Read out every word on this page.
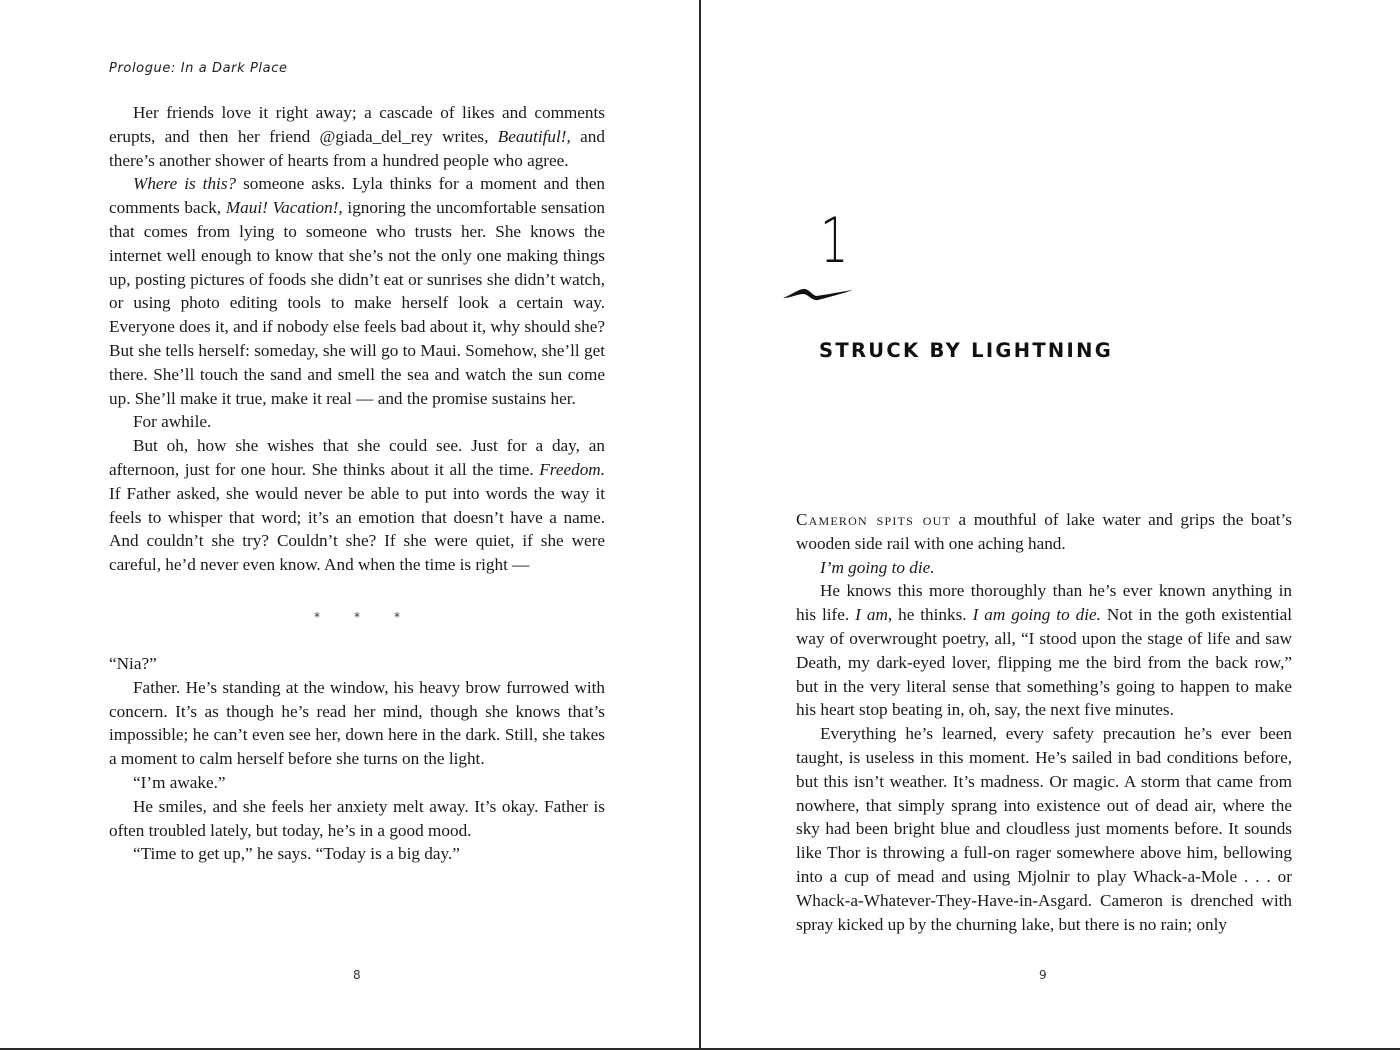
Prologue: In a Dark Place

Her friends love it right away; a cascade of likes and comments erupts, and then her friend @giada_del_rey writes, Beautiful!, and there’s another shower of hearts from a hundred people who agree.

Where is this? someone asks. Lyla thinks for a moment and then comments back, Maui! Vacation!, ignoring the uncomfortable sensation that comes from lying to someone who trusts her. She knows the internet well enough to know that she’s not the only one making things up, posting pictures of foods she didn’t eat or sunrises she didn’t watch, or using photo editing tools to make herself look a certain way. Everyone does it, and if nobody else feels bad about it, why should she? But she tells herself: someday, she will go to Maui. Somehow, she’ll get there. She’ll touch the sand and smell the sea and watch the sun come up. She’ll make it true, make it real — and the promise sustains her.

For awhile.

But oh, how she wishes that she could see. Just for a day, an afternoon, just for one hour. She thinks about it all the time. Freedom. If Father asked, she would never be able to put into words the way it feels to whisper that word; it’s an emotion that doesn’t have a name. And couldn’t she try? Couldn’t she? If she were quiet, if she were careful, he’d never even know. And when the time is right —

*	*	*

“Nia?”

Father. He’s standing at the window, his heavy brow furrowed with concern. It’s as though he’s read her mind, though she knows that’s impossible; he can’t even see her, down here in the dark. Still, she takes a moment to calm herself before she turns on the light.

“I’m awake.”

He smiles, and she feels her anxiety melt away. It’s okay. Father is often troubled lately, but today, he’s in a good mood.

“Time to get up,” he says. “Today is a big day.”

8
1
STRUCK BY LIGHTNING

Cameron spits out a mouthful of lake water and grips the boat’s wooden side rail with one aching hand.

I’m going to die.

He knows this more thoroughly than he’s ever known anything in his life. I am, he thinks. I am going to die. Not in the goth existential way of overwrought poetry, all, “I stood upon the stage of life and saw Death, my dark-eyed lover, flipping me the bird from the back row,” but in the very literal sense that something’s going to happen to make his heart stop beating in, oh, say, the next five minutes.

Everything he’s learned, every safety precaution he’s ever been taught, is useless in this moment. He’s sailed in bad conditions before, but this isn’t weather. It’s madness. Or magic. A storm that came from nowhere, that simply sprang into existence out of dead air, where the sky had been bright blue and cloudless just moments before. It sounds like Thor is throwing a full-on rager somewhere above him, bellowing into a cup of mead and using Mjolnir to play Whack-a-Mole . . . or Whack-a-Whatever-They-Have-in-Asgard. Cameron is drenched with spray kicked up by the churning lake, but there is no rain; only

9
